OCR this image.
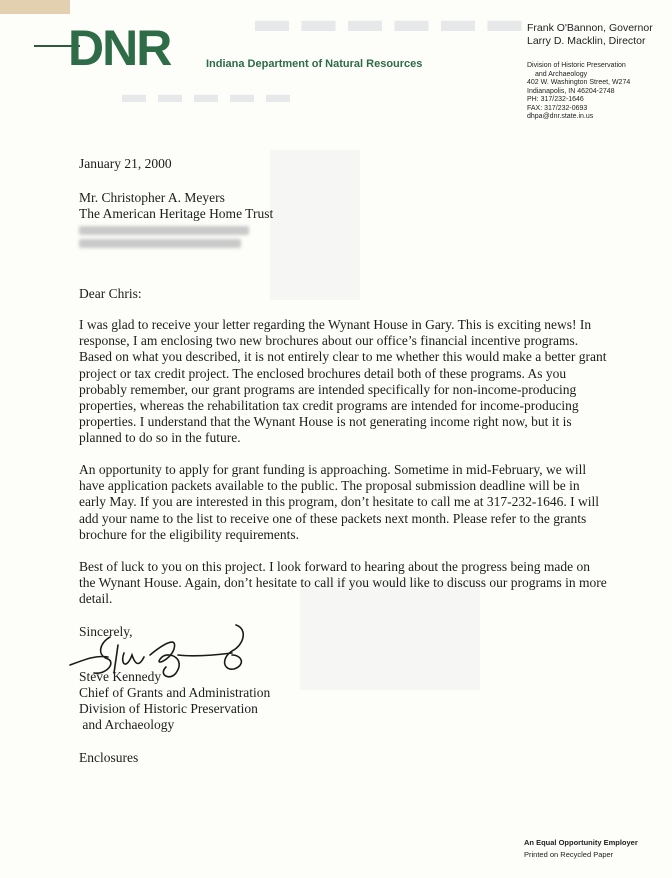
▬ ▬ ▬ ▬ ▬ ▬
▬ ▬ ▬ ▬ ▬
DNR	Indiana Department of Natural Resources
Frank O'Bannon, Governor
Larry D. Macklin, Director
Division of Historic Preservation
and Archaeology
402 W. Washington Street, W274
Indianapolis, IN 46204-2748
PH: 317/232-1646
FAX: 317/232-0693
dhpa@dnr.state.in.us
January 21, 2000
Mr. Christopher A. Meyers
The American Heritage Home Trust
Dear Chris:

I was glad to receive your letter regarding the Wynant House in Gary. This is exciting news! In response, I am enclosing two new brochures about our office’s financial incentive programs. Based on what you described, it is not entirely clear to me whether this would make a better grant project or tax credit project. The enclosed brochures detail both of these programs. As you probably remember, our grant programs are intended specifically for non-income-producing properties, whereas the rehabilitation tax credit programs are intended for income-producing properties. I understand that the Wynant House is not generating income right now, but it is planned to do so in the future.

An opportunity to apply for grant funding is approaching. Sometime in mid-February, we will have application packets available to the public. The proposal submission deadline will be in early May. If you are interested in this program, don’t hesitate to call me at 317-232-1646. I will add your name to the list to receive one of these packets next month. Please refer to the grants brochure for the eligibility requirements.

Best of luck to you on this project. I look forward to hearing about the progress being made on the Wynant House. Again, don’t hesitate to call if you would like to discuss our programs in more detail.

Sincerely,
Steve Kennedy
Chief of Grants and Administration
Division of Historic Preservation
and Archaeology
Enclosures
An Equal Opportunity Employer
Printed on Recycled Paper
